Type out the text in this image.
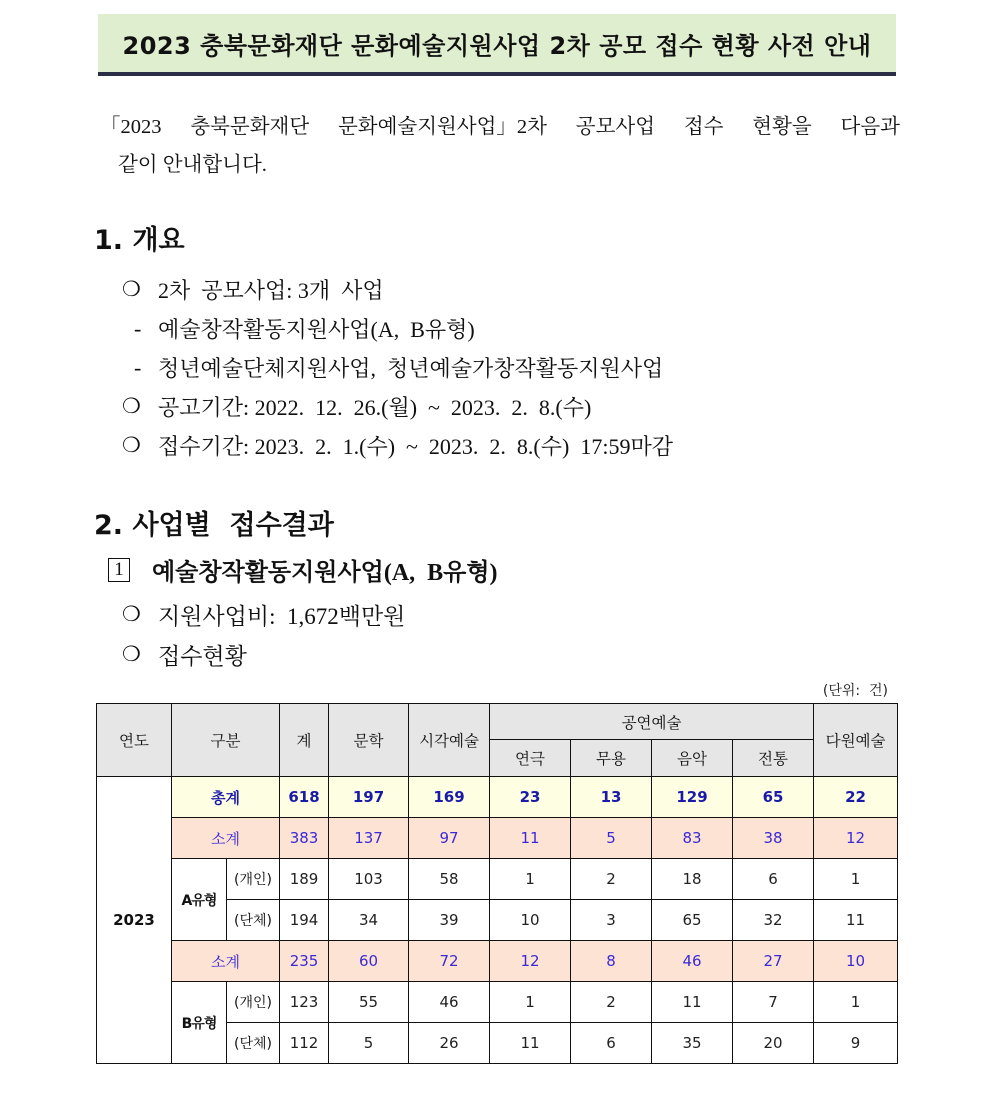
2023 충북문화재단 문화예술지원사업 2차 공모 접수 현황 사전 안내
「2023 충북문화재단 문화예술지원사업」2차 공모사업 접수 현황을 다음과
같이 안내합니다.
1. 개요
❍ 2차  공모사업: 3개  사업
- 예술창작활동지원사업(A,  B유형)
- 청년예술단체지원사업,  청년예술가창작활동지원사업
❍ 공고기간: 2022.  12.  26.(월)  ~  2023.  2.  8.(수)
❍ 접수기간: 2023.  2.  1.(수)  ~  2023.  2.  8.(수)  17:59마감
2. 사업별  접수결과
1 예술창작활동지원사업(A,  B유형)
❍ 지원사업비:  1,672백만원
❍ 접수현황
(단위:  건)
연도	구분		계	문학	시각예술	공연예술				다원예술
						연극	무용	음악	전통	
2023	총계		618	197	169	23	13	129	65	22
	소계		383	137	97	11	5	83	38	12
	A유형	(개인)	189	103	58	1	2	18	6	1
		(단체)	194	34	39	10	3	65	32	11
	소계		235	60	72	12	8	46	27	10
	B유형	(개인)	123	55	46	1	2	11	7	1
		(단체)	112	5	26	11	6	35	20	9
